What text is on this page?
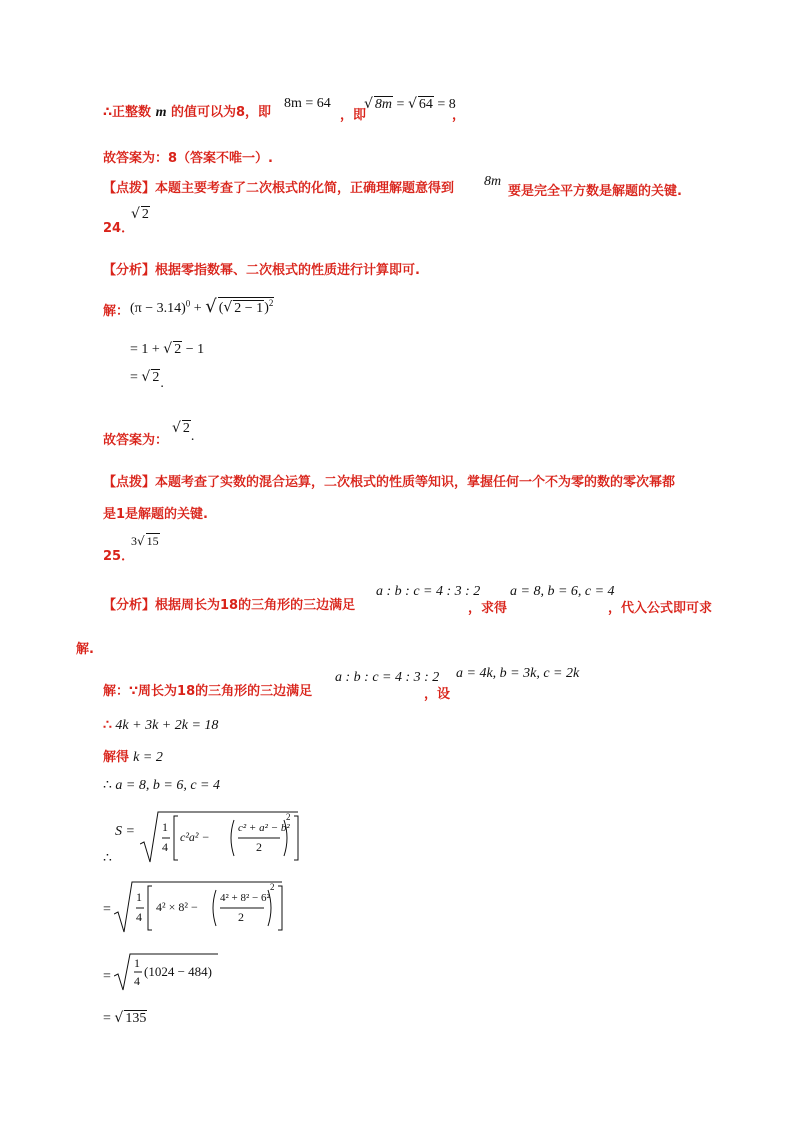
∴正整数 m 的值可以为8，即
8m = 64
，即
√ 8m = √ 64 = 8
，
故答案为：8（答案不唯一）.
【点拨】本题主要考查了二次根式的化简，正确理解题意得到 8m
要是完全平方数是解题的关键.
24．
√ 2
【分析】根据零指数幂、二次根式的性质进行计算即可.
解： $(\pi - 3.14)^0$ + √ (√ 2 − 1)$^2$
= 1 + √ 2 − 1
= √ 2.
故答案为：
√ 2.
【点拨】本题考查了实数的混合运算，二次根式的性质等知识，掌握任何一个不为零的数的零次幂都
是1是解题的关键.
25．
3√ 15
【分析】根据周长为18的三角形的三边满足
a : b : c = 4 : 3 : 2
，求得
a = 8, b = 6, c = 4
，代入公式即可求
解.
解：∵周长为18的三角形的三边满足
a : b : c = 4 : 3 : 2
，设
a = 4k, b = 3k, c = 2k
∴ 4k + 3k + 2k = 18
解得 k = 2
∴ a = 8, b = 6, c = 4
∴
S = 1
4
c²a² −
c² + a² − b²
2
2
=
1
4
4² × 8² −
4² + 8² − 6²
2
2
=
1
4
(1024 − 484)
= √ 135
